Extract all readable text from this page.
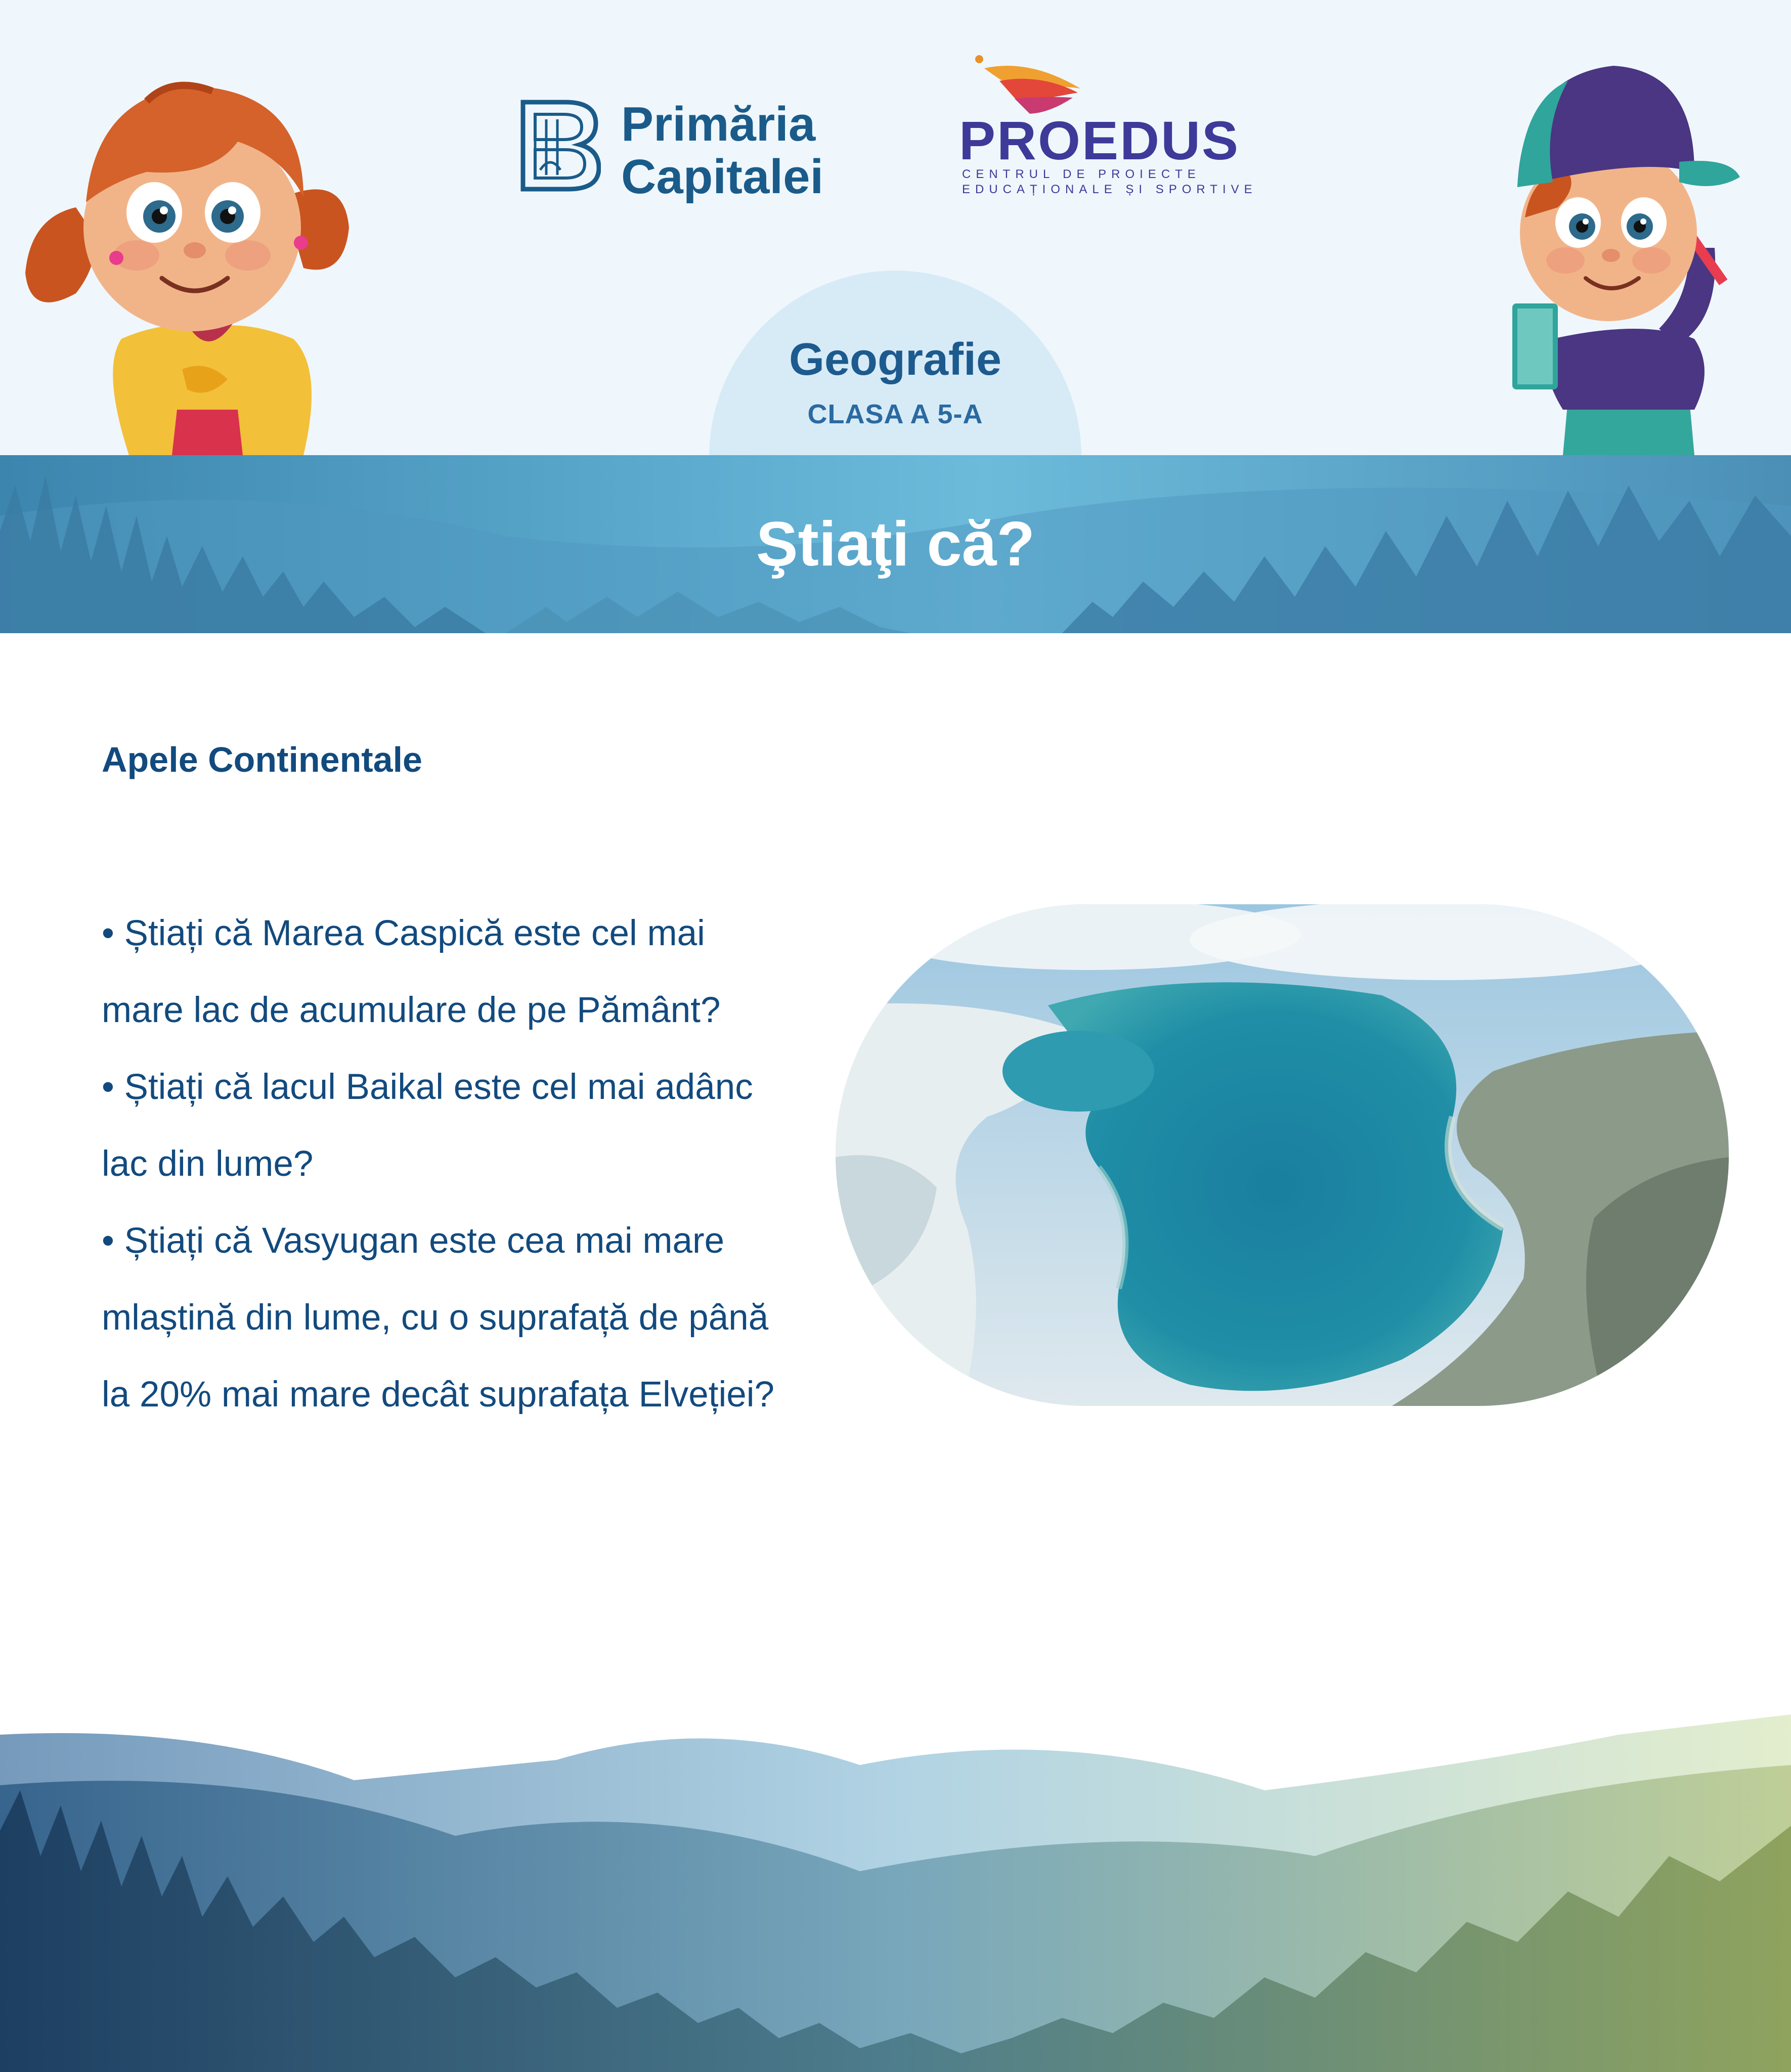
Primăria
Capitalei
PROEDUS
CENTRUL DE PROIECTE
EDUCAȚIONALE ȘI SPORTIVE
Geografie
CLASA A 5-A
Ştiaţi că?
Apele Continentale

• Știați că Marea Caspică este cel mai mare lac de acumulare de pe Pământ?

• Știați că lacul Baikal este cel mai adânc lac din lume?

• Știați că Vasyugan este cea mai mare mlaștină din lume, cu o suprafață de până la 20% mai mare decât suprafața Elveției?
